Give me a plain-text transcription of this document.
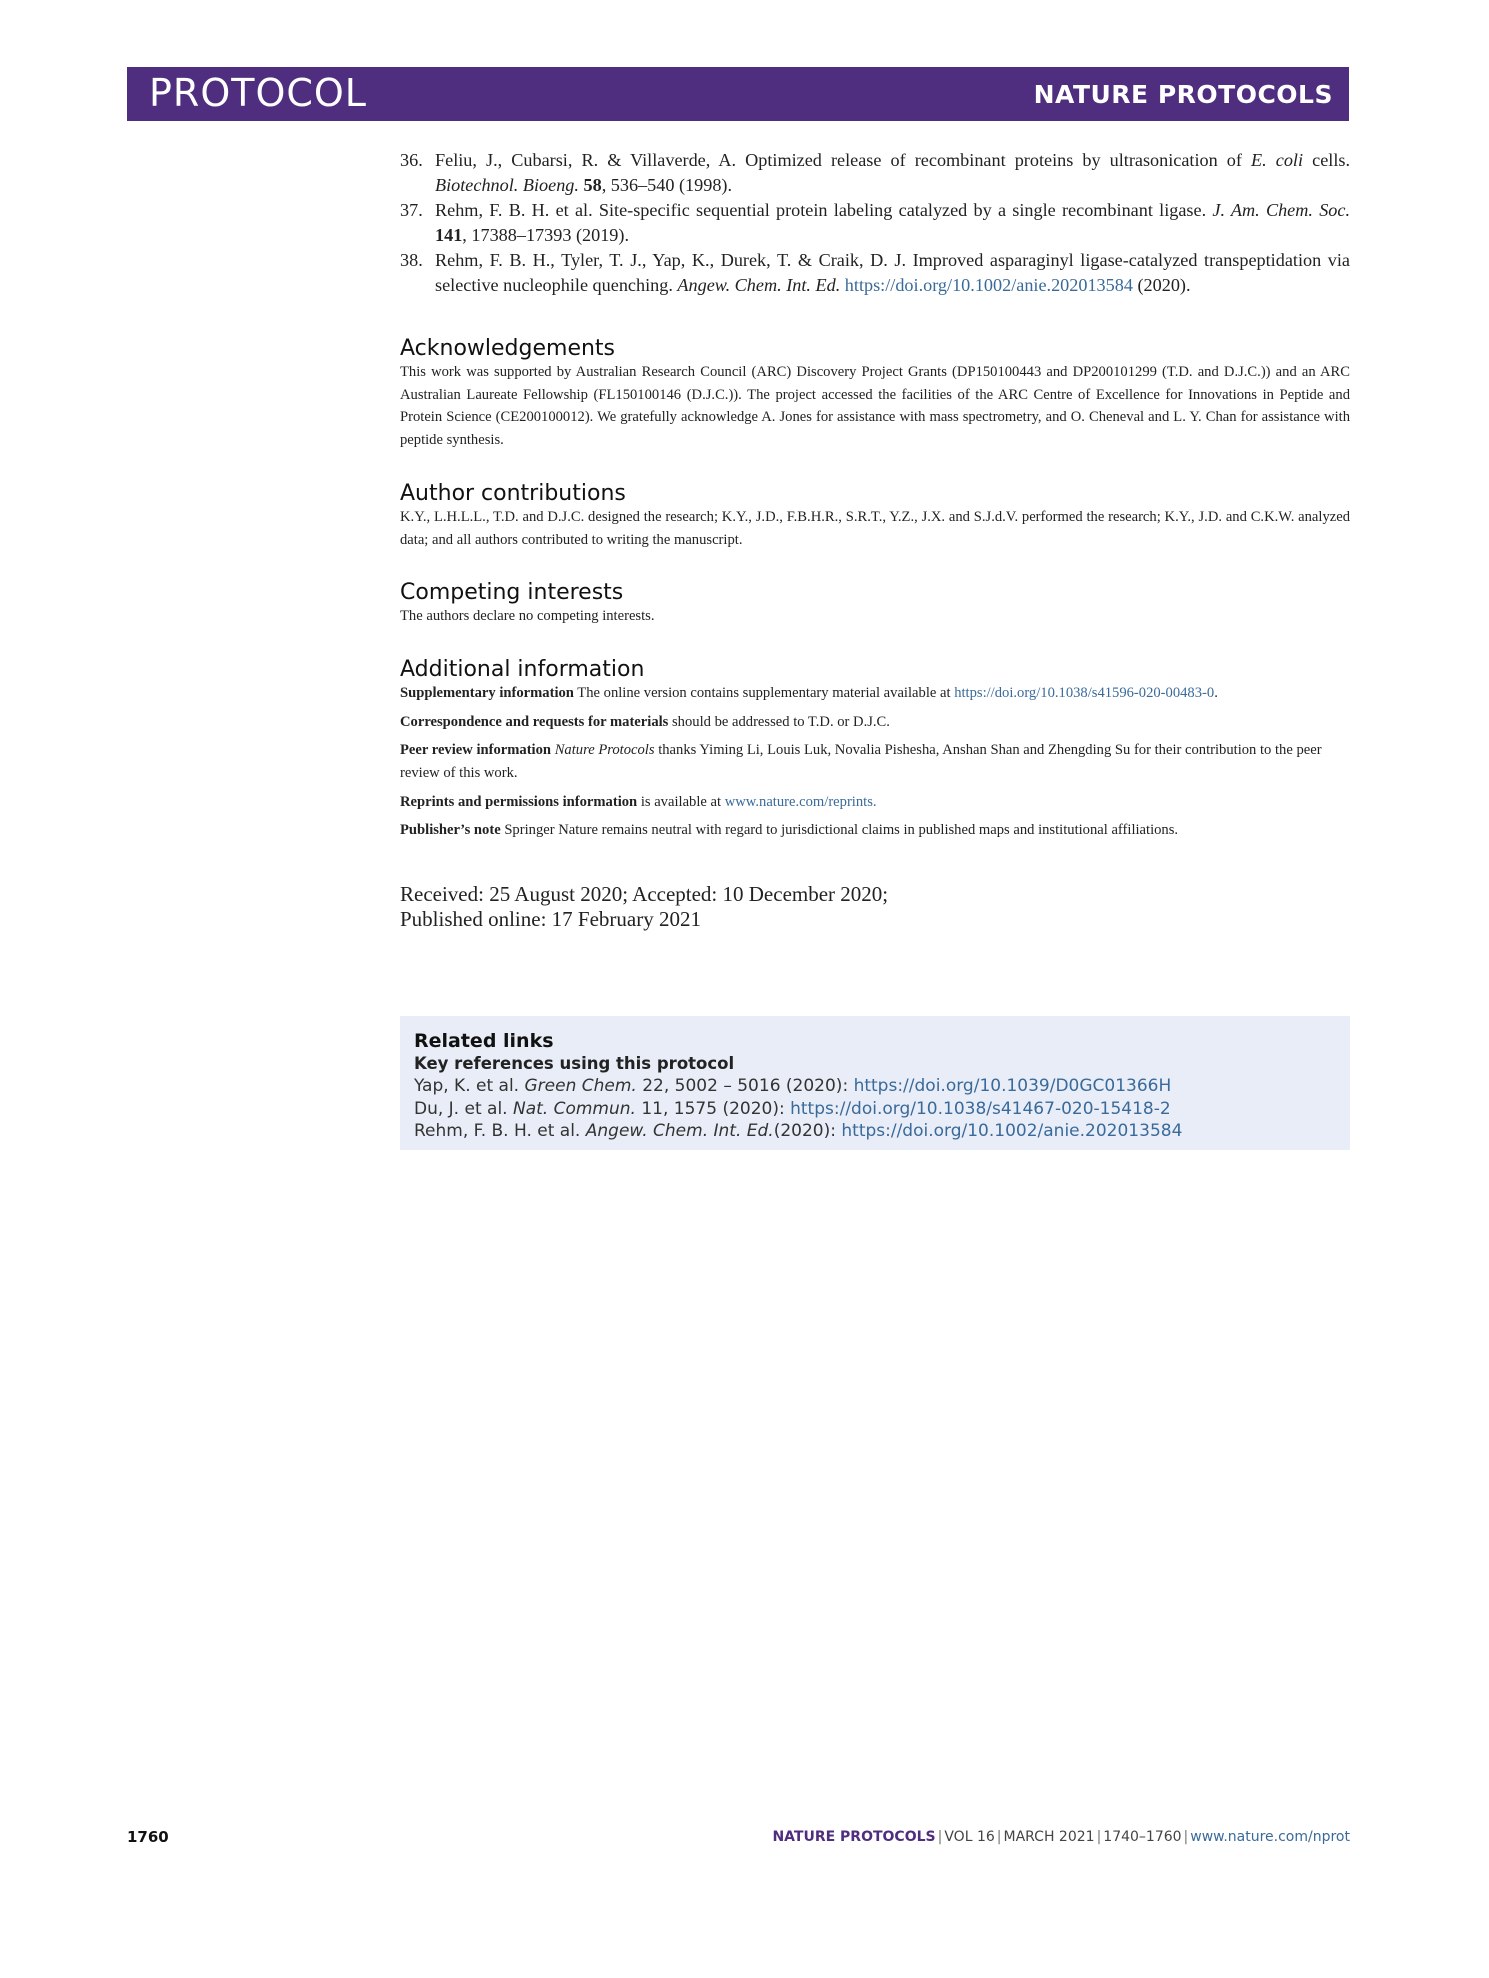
PROTOCOL	NATURE PROTOCOLS
36. Feliu, J., Cubarsi, R. & Villaverde, A. Optimized release of recombinant proteins by ultrasonication of E. coli cells. Biotechnol. Bioeng. 58, 536–540 (1998).
37. Rehm, F. B. H. et al. Site-specific sequential protein labeling catalyzed by a single recombinant ligase. J. Am. Chem. Soc. 141, 17388–17393 (2019).
38. Rehm, F. B. H., Tyler, T. J., Yap, K., Durek, T. & Craik, D. J. Improved asparaginyl ligase-catalyzed transpeptidation via selective nucleophile quenching. Angew. Chem. Int. Ed. https://doi.org/10.1002/anie.202013584 (2020).
Acknowledgements

This work was supported by Australian Research Council (ARC) Discovery Project Grants (DP150100443 and DP200101299 (T.D. and D.J.C.)) and an ARC Australian Laureate Fellowship (FL150100146 (D.J.C.)). The project accessed the facilities of the ARC Centre of Excellence for Innovations in Peptide and Protein Science (CE200100012). We gratefully acknowledge A. Jones for assistance with mass spectrometry, and O. Cheneval and L. Y. Chan for assistance with peptide synthesis.

Author contributions

K.Y., L.H.L.L., T.D. and D.J.C. designed the research; K.Y., J.D., F.B.H.R., S.R.T., Y.Z., J.X. and S.J.d.V. performed the research; K.Y., J.D. and C.K.W. analyzed data; and all authors contributed to writing the manuscript.

Competing interests

The authors declare no competing interests.

Additional information

Supplementary information The online version contains supplementary material available at https://doi.org/10.1038/s41596-020-00483-0.

Correspondence and requests for materials should be addressed to T.D. or D.J.C.

Peer review information Nature Protocols thanks Yiming Li, Louis Luk, Novalia Pishesha, Anshan Shan and Zhengding Su for their contribution to the peer review of this work.

Reprints and permissions information is available at www.nature.com/reprints.

Publisher’s note Springer Nature remains neutral with regard to jurisdictional claims in published maps and institutional affiliations.

Received: 25 August 2020; Accepted: 10 December 2020;
Published online: 17 February 2021
Related links
Key references using this protocol
Yap, K. et al. Green Chem. 22, 5002 – 5016 (2020): https://doi.org/10.1039/D0GC01366H
Du, J. et al. Nat. Commun. 11, 1575 (2020): https://doi.org/10.1038/s41467-020-15418-2
Rehm, F. B. H. et al. Angew. Chem. Int. Ed.(2020): https://doi.org/10.1002/anie.202013584
1760	NATURE PROTOCOLS | VOL 16 | MARCH 2021 | 1740–1760 | www.nature.com/nprot
